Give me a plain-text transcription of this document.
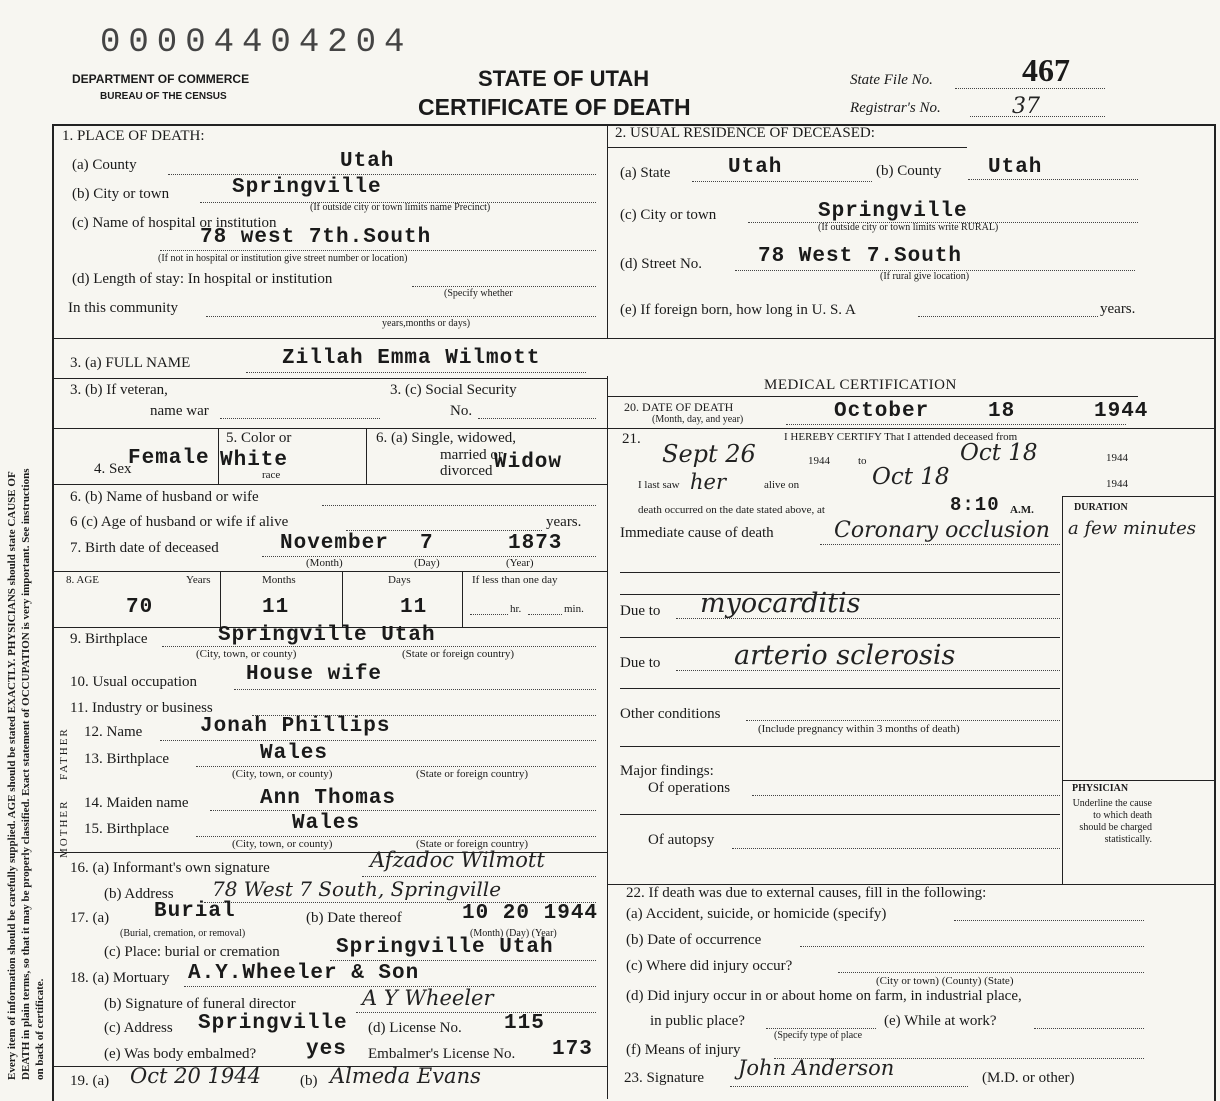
Every item of information should be carefully supplied. AGE should be stated EXACTLY. PHYSICIANS should state CAUSE OF DEATH in plain terms, so that it may be properly classified. Exact statement of OCCUPATION is very important. See instructions on back of certificate.
00004404204
DEPARTMENT OF COMMERCE
BUREAU OF THE CENSUS
STATE OF UTAH
CERTIFICATE OF DEATH
State File No.	467
Registrar's No.	37
1. PLACE OF DEATH:
(a) County	Utah
(b) City or town	Springville
(If outside city or town limits name Precinct)
(c) Name of hospital or institution
78 west 7th.South
(If not in hospital or institution give street number or location)
(d) Length of stay: In hospital or institution
(Specify whether
In this community
years,months or days)
2. USUAL RESIDENCE OF DECEASED:
(a) State	Utah	(b) County Utah
(c) City or town	Springville
(If outside city or town limits write RURAL)
(d) Street No.	78 West 7.South
(If rural give location)
(e) If foreign born, how long in U. S. A	years.
3. (a) FULL NAME	Zillah Emma Wilmott
3. (b) If veteran,
name war
3. (c) Social Security
No.
4. Sex
Female
5. Color or
White
race
6. (a) Single, widowed,
married or
divorced Widow
6. (b) Name of husband or wife
6 (c) Age of husband or wife if alive	years.
7. Birth date of deceased	November 7	1873
(Month)	(Day)	(Year)
8. AGE	Years	Months	Days	If less than one day
70	11	11	hr.	min.
9. Birthplace	Springville Utah
(City, town, or county)	(State or foreign country)
10. Usual occupation House wife
11. Industry or business
FATHER 12. Name	Jonah Phillips
13. Birthplace	Wales
(City, town, or county)	(State or foreign country)
MOTHER 14. Maiden name	Ann Thomas
15. Birthplace	Wales
(City, town, or county)	(State or foreign country)
16. (a) Informant's own signature	Afzadoc Wilmott
(b) Address 78 West 7 South, Springville
17. (a) Burial	(b) Date thereof	10 20 1944
(Burial, cremation, or removal)	(Month) (Day) (Year)
(c) Place: burial or cremation	Springville Utah
18. (a) Mortuary A.Y.Wheeler & Son
(b) Signature of funeral director	A Y Wheeler
(c) Address Springville (d) License No. 115
(e) Was body embalmed? yes Embalmer's License No. 173
19. (a) Oct 20 1944	(b) Almeda Evans
MEDICAL CERTIFICATION
20. DATE OF DEATH
(Month, day, and year)	October	18	1944
21.	I HEREBY CERTIFY That I attended deceased from
Sept 26	1944	to	Oct 18	1944
I last saw her	alive on	Oct 18	1944
death occurred on the date stated above, at	8:10 A.M.	DURATION
Immediate cause of death	Coronary occlusion a few minutes
Due to myocarditis
Due to	arterio sclerosis
Other conditions
(Include pregnancy within 3 months of death)
Major findings:
Of operations
Of autopsy
PHYSICIAN
Underline the cause to which death should be charged statistically.
22. If death was due to external causes, fill in the following:
(a) Accident, suicide, or homicide (specify)
(b) Date of occurrence
(c) Where did injury occur?
(City or town) (County) (State)
(d) Did injury occur in or about home on farm, in industrial place,
in public place?
(Specify type of place
(e) While at work?
(f) Means of injury
23. Signature John Anderson	(M.D. or other)
